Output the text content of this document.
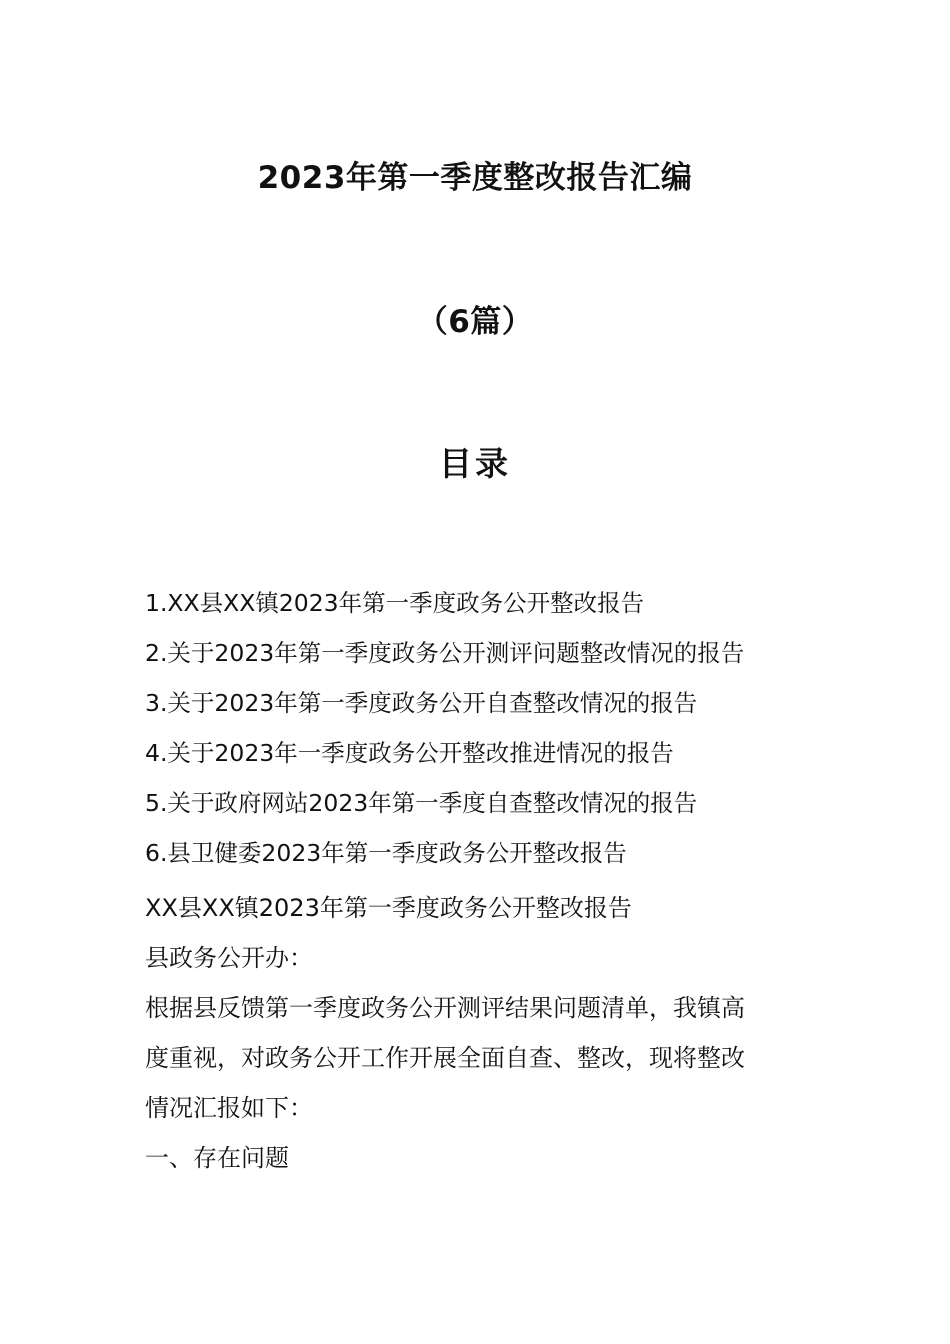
2023年第一季度整改报告汇编
（6篇）
目录
1.XX县XX镇2023年第一季度政务公开整改报告
2.关于2023年第一季度政务公开测评问题整改情况的报告
3.关于2023年第一季度政务公开自查整改情况的报告
4.关于2023年一季度政务公开整改推进情况的报告
5.关于政府网站2023年第一季度自查整改情况的报告
6.县卫健委2023年第一季度政务公开整改报告

XX县XX镇2023年第一季度政务公开整改报告

县政务公开办：

根据县反馈第一季度政务公开测评结果问题清单，我镇高

度重视，对政务公开工作开展全面自查、整改，现将整改

情况汇报如下：

一、存在问题
